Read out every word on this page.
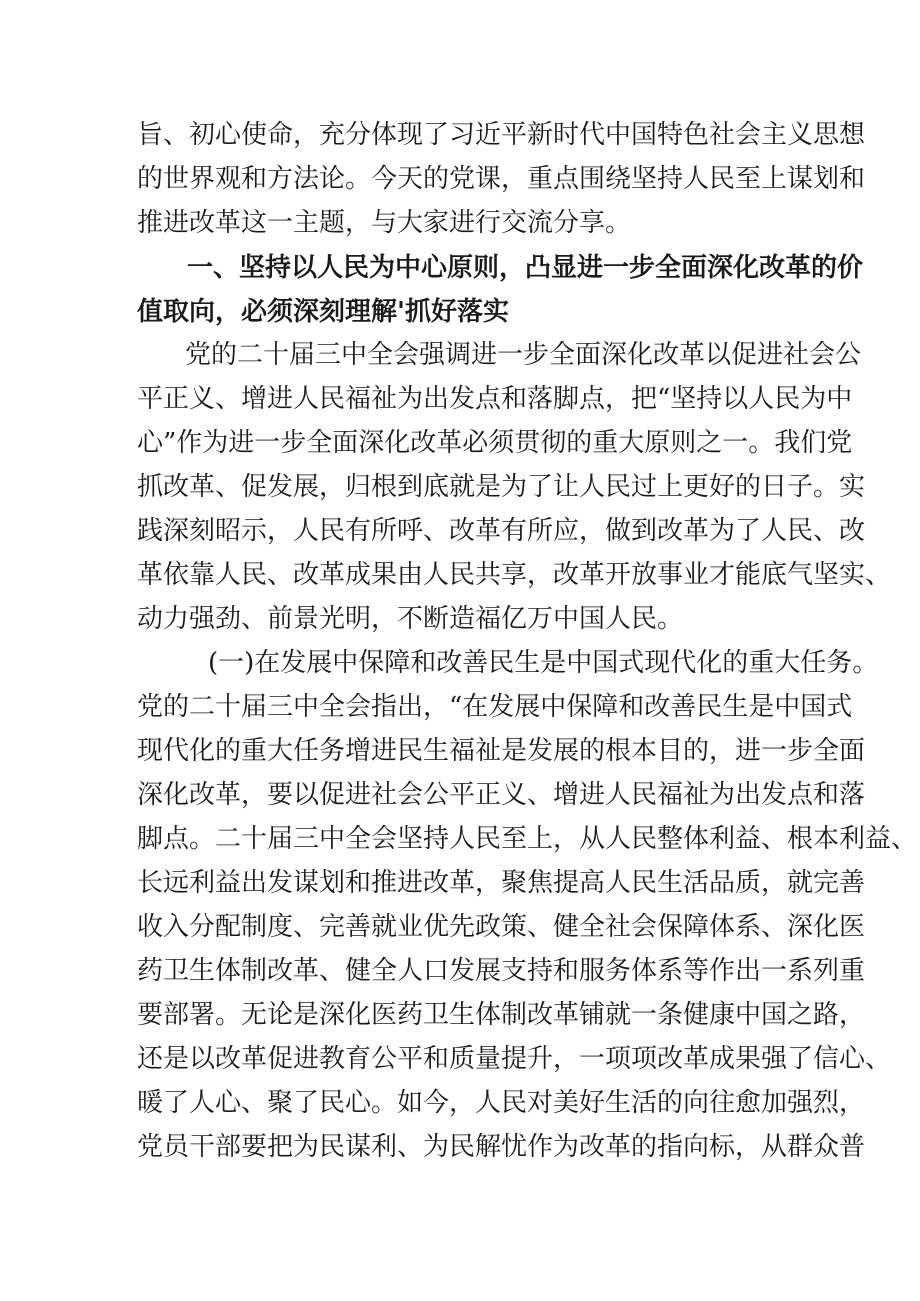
旨、初心使命，充分体现了习近平新时代中国特色社会主义思想
的世界观和方法论。今天的党课，重点围绕坚持人民至上谋划和
推进改革这一主题，与大家进行交流分享。
一、坚持以人民为中心原则，凸显进一步全面深化改革的价
值取向，必须深刻理解'抓好落实
党的二十届三中全会强调进一步全面深化改革以促进社会公
平正义、增进人民福祉为出发点和落脚点，把“坚持以人民为中
心”作为进一步全面深化改革必须贯彻的重大原则之一。我们党
抓改革、促发展，归根到底就是为了让人民过上更好的日子。实
践深刻昭示，人民有所呼、改革有所应，做到改革为了人民、改
革依靠人民、改革成果由人民共享，改革开放事业才能底气坚实、
动力强劲、前景光明，不断造福亿万中国人民。
(一)在发展中保障和改善民生是中国式现代化的重大任务。
党的二十届三中全会指出，“在发展中保障和改善民生是中国式
现代化的重大任务增进民生福祉是发展的根本目的，进一步全面
深化改革，要以促进社会公平正义、增进人民福祉为出发点和落
脚点。二十届三中全会坚持人民至上，从人民整体利益、根本利益、
长远利益出发谋划和推进改革，聚焦提高人民生活品质，就完善
收入分配制度、完善就业优先政策、健全社会保障体系、深化医
药卫生体制改革、健全人口发展支持和服务体系等作出一系列重
要部署。无论是深化医药卫生体制改革铺就一条健康中国之路，
还是以改革促进教育公平和质量提升，一项项改革成果强了信心、
暖了人心、聚了民心。如今，人民对美好生活的向往愈加强烈，
党员干部要把为民谋利、为民解忧作为改革的指向标，从群众普
